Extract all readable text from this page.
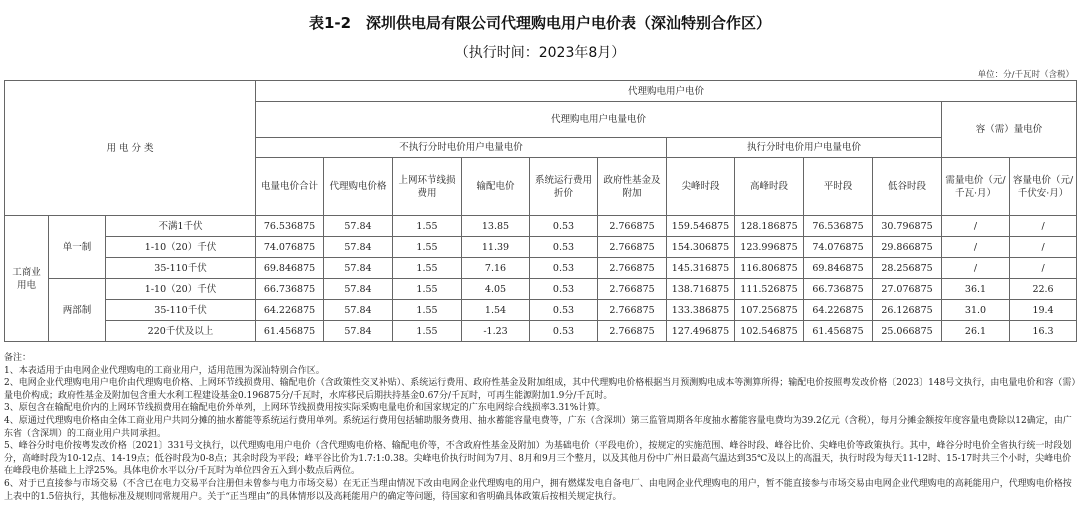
表1-2　深圳供电局有限公司代理购电用户电价表（深汕特别合作区）
（执行时间：2023年8月）
单位：分/千瓦时（含税）
用 电 分 类			代理购电用户电价											
			代理购电用户电量电价										容（需）量电价	
			不执行分时电价用户电量电价						执行分时电价用户电量电价					
			电量电价合计	代理购电价格	上网环节线损费用	输配电价	系统运行费用折价	政府性基金及附加	尖峰时段	高峰时段	平时段	低谷时段	需量电价（元/千瓦·月）	容量电价（元/千伏安·月）
工商业用电	单一制	不满1千伏	76.536875	57.84	1.55	13.85	0.53	2.766875	159.546875	128.186875	76.536875	30.796875	/	/
		1-10（20）千伏	74.076875	57.84	1.55	11.39	0.53	2.766875	154.306875	123.996875	74.076875	29.866875	/	/
		35-110千伏	69.846875	57.84	1.55	7.16	0.53	2.766875	145.316875	116.806875	69.846875	28.256875	/	/
	两部制	1-10（20）千伏	66.736875	57.84	1.55	4.05	0.53	2.766875	138.716875	111.526875	66.736875	27.076875	36.1	22.6
		35-110千伏	64.226875	57.84	1.55	1.54	0.53	2.766875	133.386875	107.256875	64.226875	26.126875	31.0	19.4
		220千伏及以上	61.456875	57.84	1.55	-1.23	0.53	2.766875	127.496875	102.546875	61.456875	25.066875	26.1	16.3
备注：
1、本表适用于由电网企业代理购电的工商业用户，适用范围为深汕特别合作区。
2、电网企业代理购电用户电价由代理购电价格、上网环节线损费用、输配电价（含政策性交叉补贴）、系统运行费用、政府性基金及附加组成，其中代理购电价格根据当月预测购电成本等测算所得；输配电价按照粤发改价格〔2023〕148号文执行，由电量电价和容（需）量电价构成；政府性基金及附加包含重大水利工程建设基金0.196875分/千瓦时，水库移民后期扶持基金0.67分/千瓦时，可再生能源附加1.9分/千瓦时。
3、原包含在输配电价内的上网环节线损费用在输配电价外单列，上网环节线损费用按实际采购电量电价和国家规定的广东电网综合线损率3.31%计算。
4、原通过代理购电价格由全体工商业用户共同分摊的抽水蓄能等系统运行费用单列。系统运行费用包括辅助服务费用、抽水蓄能容量电费等，广东（含深圳）第三监管周期各年度抽水蓄能容量电费均为39.2亿元（含税），每月分摊金额按年度容量电费除以12确定，由广东省（含深圳）的工商业用户共同承担。
5、峰谷分时电价按粤发改价格〔2021〕331号文执行，以代理购电用户电价（含代理购电价格、输配电价等，不含政府性基金及附加）为基础电价（平段电价），按规定的实施范围、峰谷时段、峰谷比价、尖峰电价等政策执行。其中，峰谷分时电价全省执行统一时段划分，高峰时段为10-12点、14-19点；低谷时段为0-8点；其余时段为平段；峰平谷比价为1.7:1:0.38。尖峰电价执行时间为7月、8月和9月三个整月，以及其他月份中广州日最高气温达到35℃及以上的高温天，执行时段为每天11-12时、15-17时共三个小时，尖峰电价在峰段电价基础上上浮25%。具体电价水平以分/千瓦时为单位四舍五入到小数点后两位。
6、对于已直接参与市场交易（不含已在电力交易平台注册但未曾参与电力市场交易）在无正当理由情况下改由电网企业代理购电的用户，拥有燃煤发电自备电厂、由电网企业代理购电的用户，暂不能直接参与市场交易由电网企业代理购电的高耗能用户，代理购电价格按上表中的1.5倍执行，其他标准及规则同常规用户。关于“正当理由”的具体情形以及高耗能用户的确定等问题，待国家和省明确具体政策后按相关规定执行。
